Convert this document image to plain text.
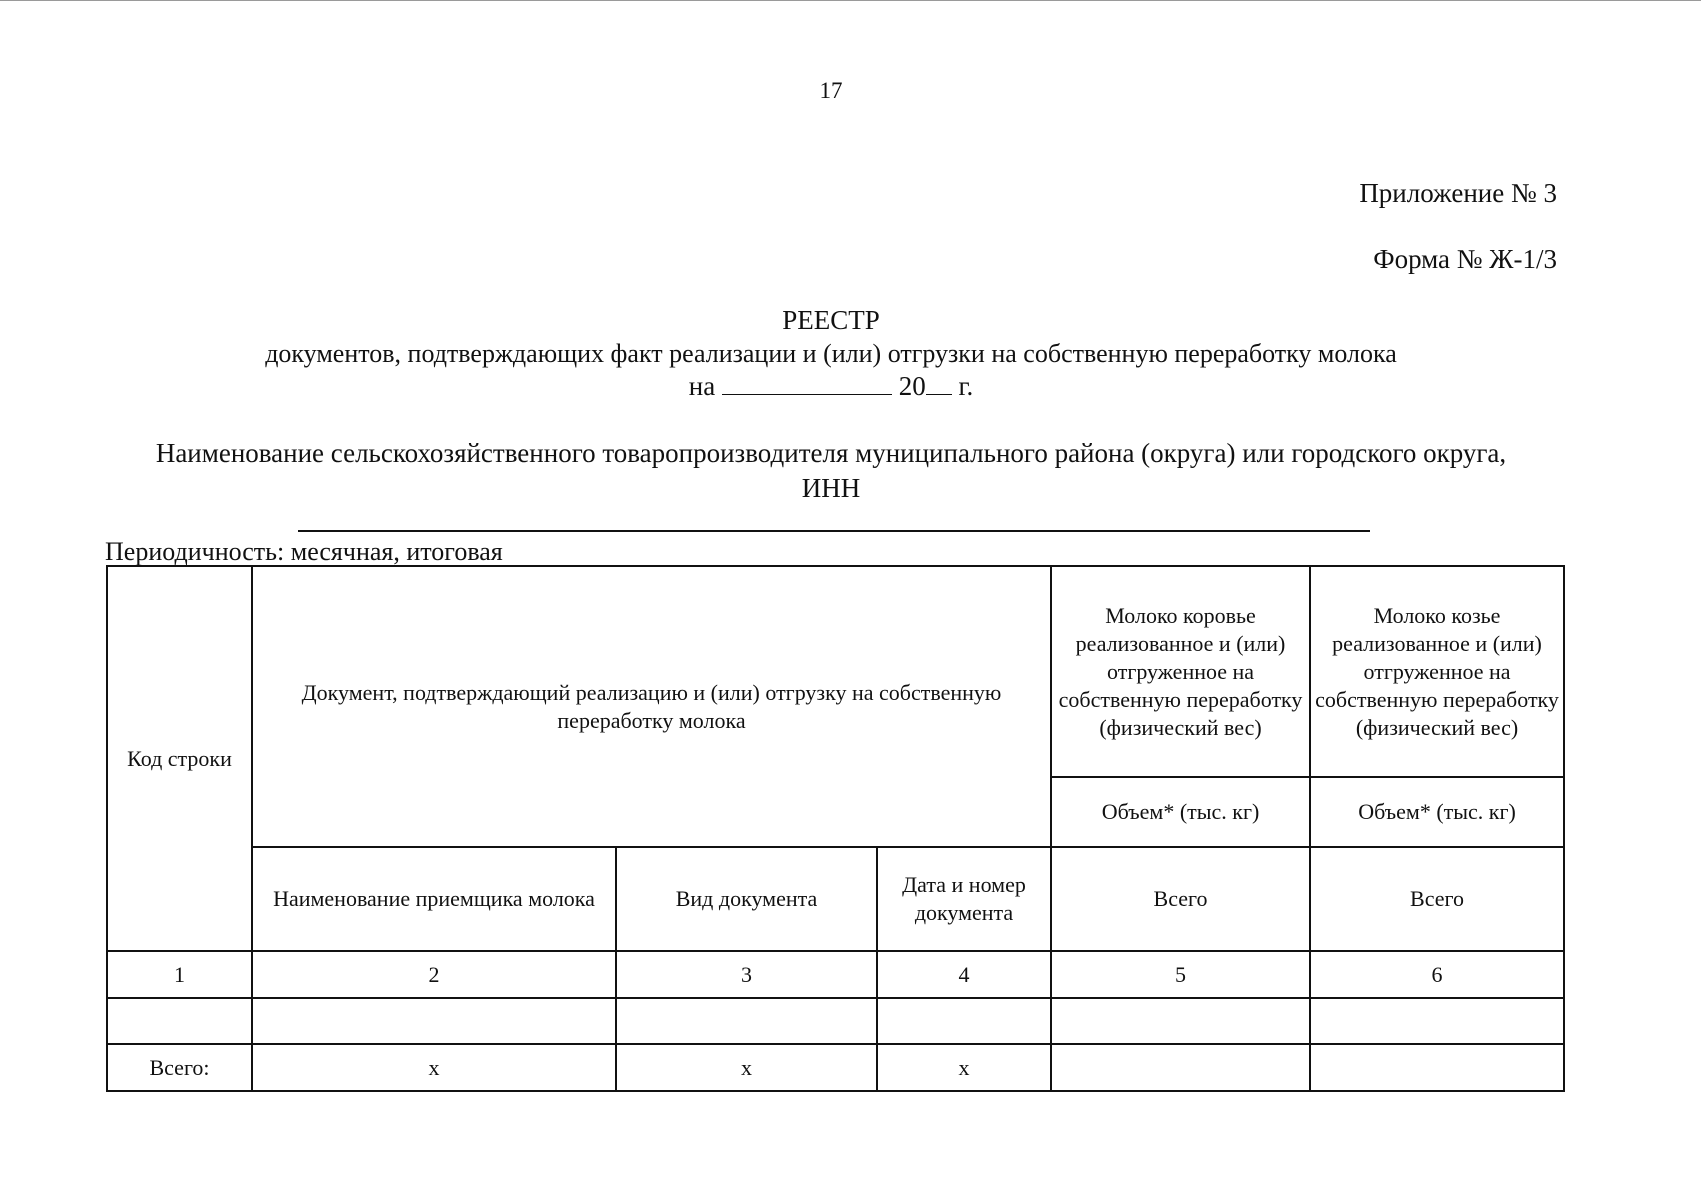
17
Приложение № 3
Форма № Ж-1/3
РЕЕСТР
документов, подтверждающих факт реализации и (или) отгрузки на собственную переработку молока
на	20 г.
Наименование сельскохозяйственного товаропроизводителя муниципального района (округа) или городского округа,
ИНН
Периодичность: месячная, итоговая
Код строки	Документ, подтверждающий реализацию и (или) отгрузку на собственную переработку молока			Молоко коровье реализованное и (или) отгруженное на собственную переработку (физический вес)	Молоко козье реализованное и (или) отгруженное на собственную переработку (физический вес)
				Объем* (тыс. кг)	Объем* (тыс. кг)
	Наименование приемщика молока	Вид документа	Дата и номер документа	Всего	Всего
1	2	3	4	5	6

Всего:	x	x	x		
